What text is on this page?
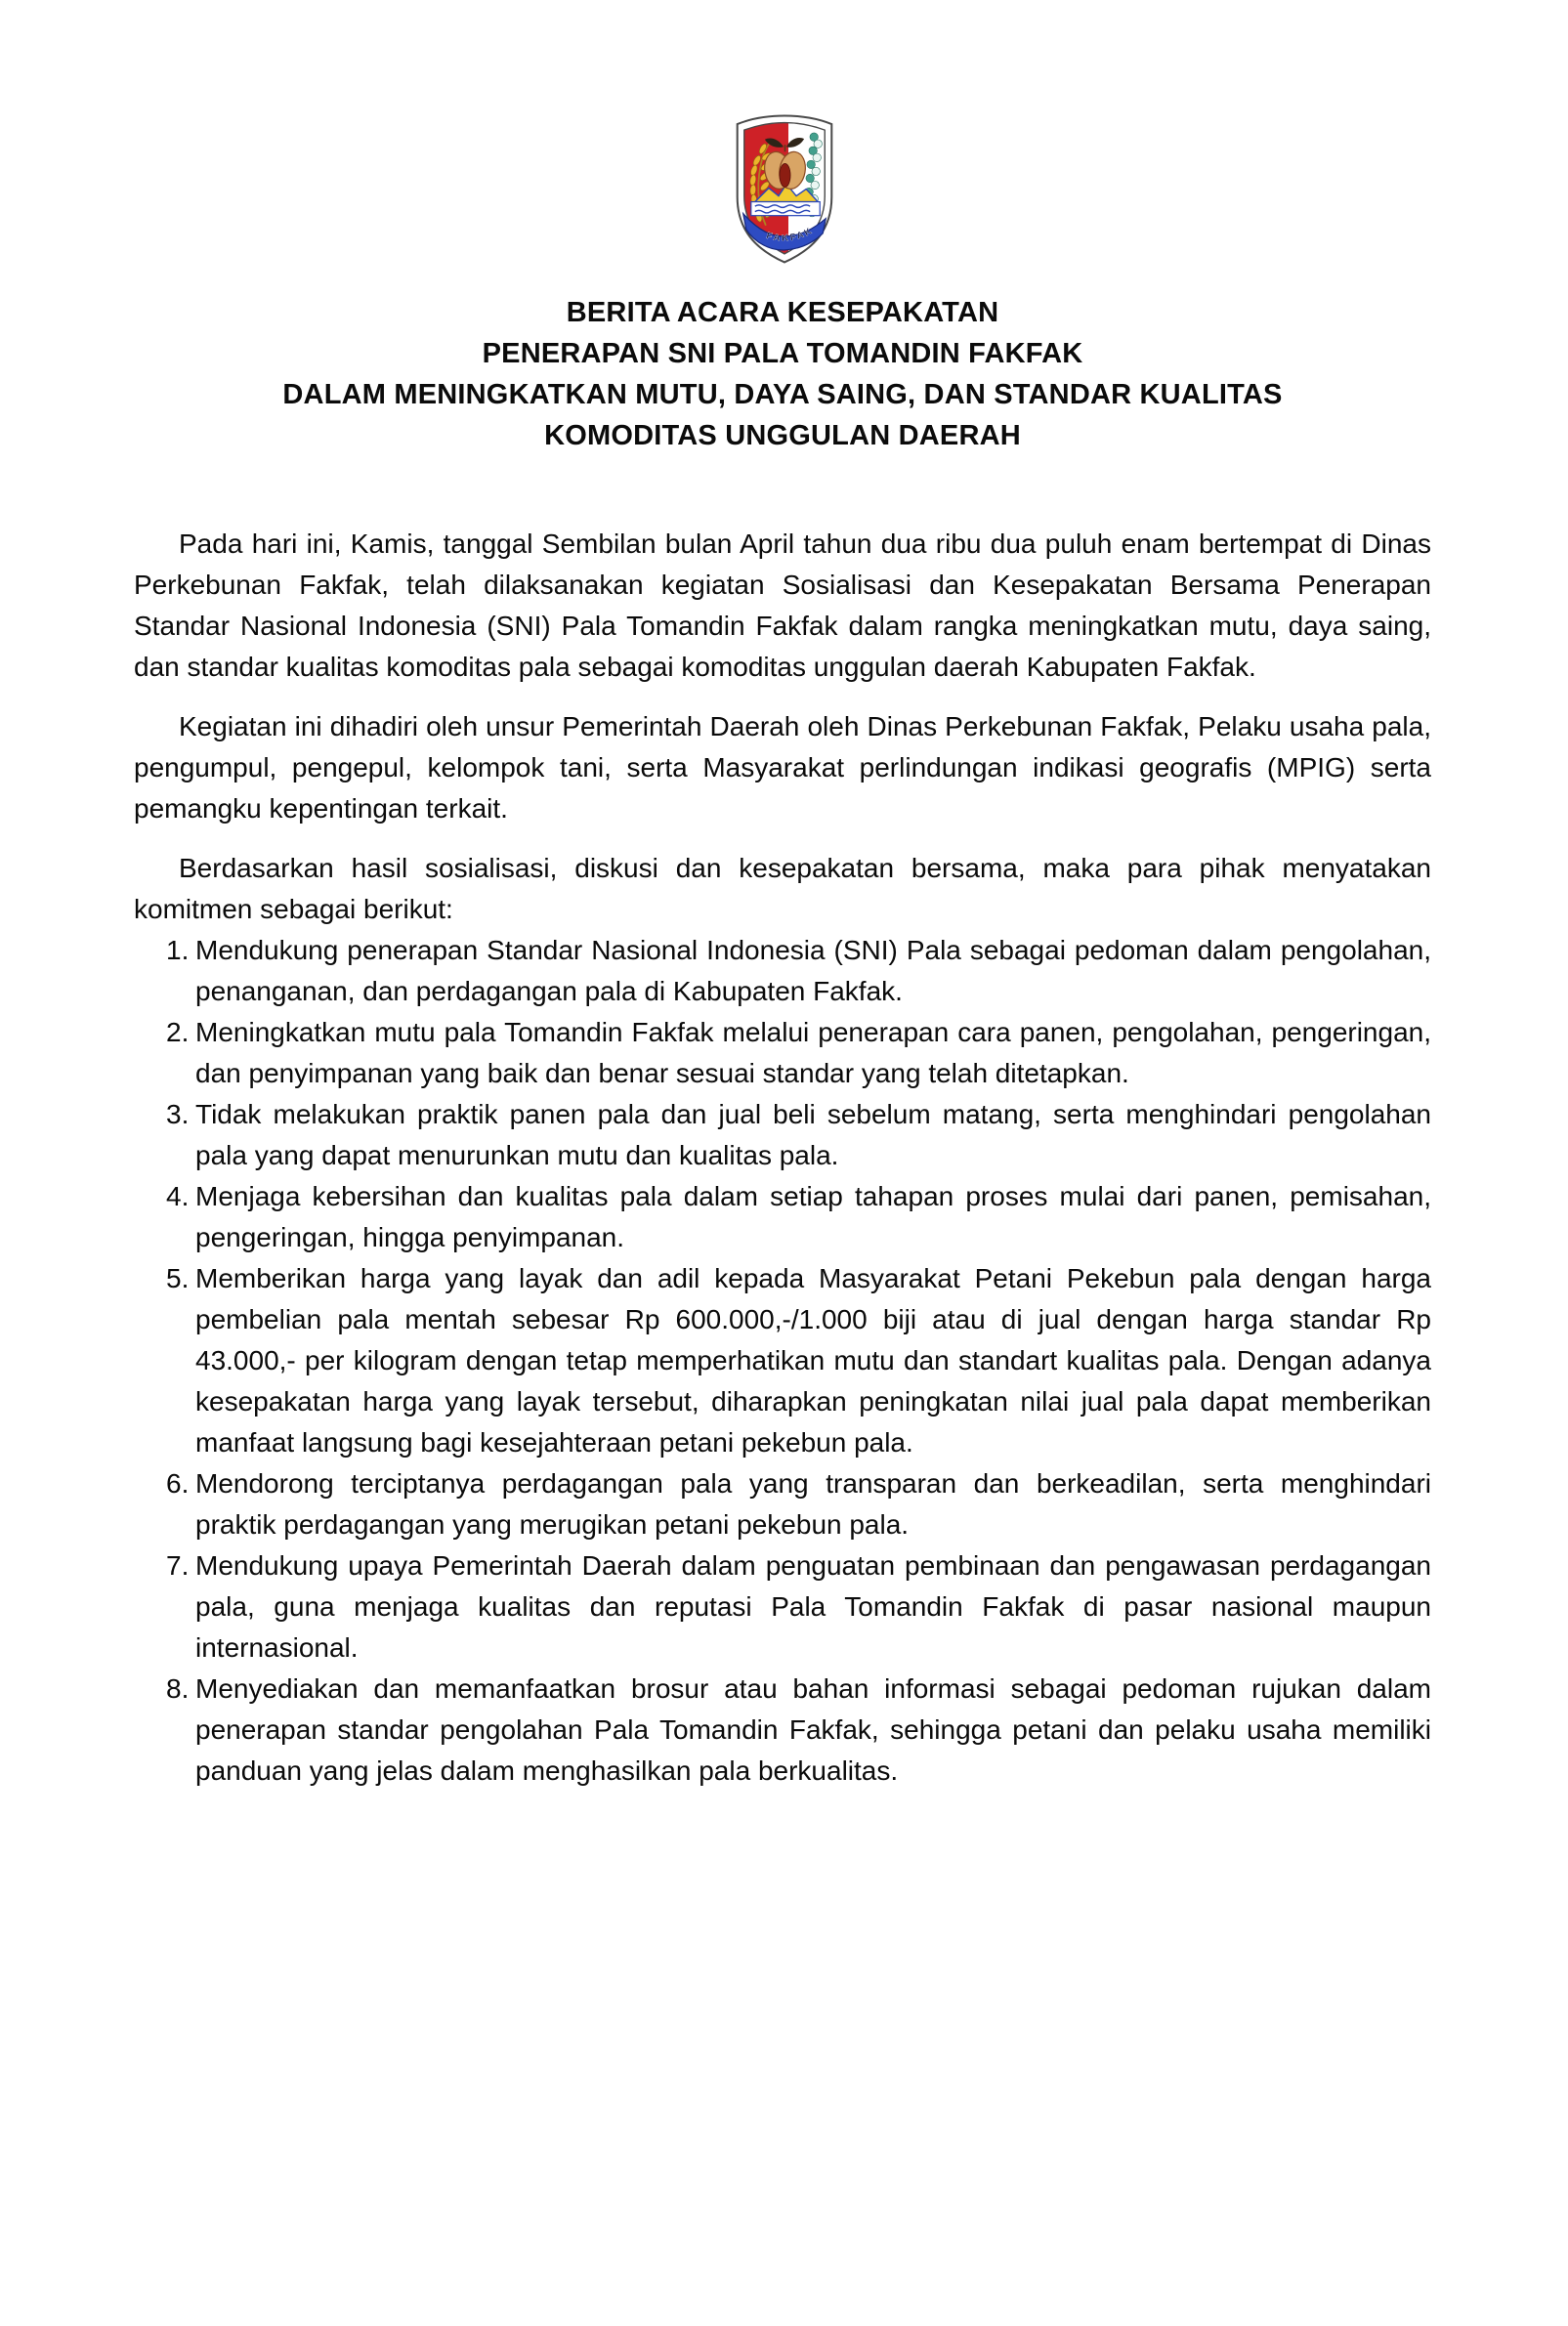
FAKFAK
BERITA ACARA KESEPAKATAN
PENERAPAN SNI PALA TOMANDIN FAKFAK
DALAM MENINGKATKAN MUTU, DAYA SAING, DAN STANDAR KUALITAS
KOMODITAS UNGGULAN DAERAH

Pada hari ini, Kamis, tanggal Sembilan bulan April tahun dua ribu dua puluh enam bertempat di Dinas Perkebunan Fakfak, telah dilaksanakan kegiatan Sosialisasi dan Kesepakatan Bersama Penerapan Standar Nasional Indonesia (SNI) Pala Tomandin Fakfak dalam rangka meningkatkan mutu, daya saing, dan standar kualitas komoditas pala sebagai komoditas unggulan daerah Kabupaten Fakfak.

Kegiatan ini dihadiri oleh unsur Pemerintah Daerah oleh Dinas Perkebunan Fakfak, Pelaku usaha pala, pengumpul, pengepul, kelompok tani, serta Masyarakat perlindungan indikasi geografis (MPIG) serta pemangku kepentingan terkait.

Berdasarkan hasil sosialisasi, diskusi dan kesepakatan bersama, maka para pihak menyatakan komitmen sebagai berikut:

1. Mendukung penerapan Standar Nasional Indonesia (SNI) Pala sebagai pedoman dalam pengolahan, penanganan, dan perdagangan pala di Kabupaten Fakfak.
2. Meningkatkan mutu pala Tomandin Fakfak melalui penerapan cara panen, pengolahan, pengeringan, dan penyimpanan yang baik dan benar sesuai standar yang telah ditetapkan.
3. Tidak melakukan praktik panen pala dan jual beli sebelum matang, serta menghindari pengolahan pala yang dapat menurunkan mutu dan kualitas pala.
4. Menjaga kebersihan dan kualitas pala dalam setiap tahapan proses mulai dari panen, pemisahan, pengeringan, hingga penyimpanan.
5. Memberikan harga yang layak dan adil kepada Masyarakat Petani Pekebun pala dengan harga pembelian pala mentah sebesar Rp 600.000,-/1.000 biji atau di jual dengan harga standar Rp 43.000,- per kilogram dengan tetap memperhatikan mutu dan standart kualitas pala. Dengan adanya kesepakatan harga yang layak tersebut, diharapkan peningkatan nilai jual pala dapat memberikan manfaat langsung bagi kesejahteraan petani pekebun pala.
6. Mendorong terciptanya perdagangan pala yang transparan dan berkeadilan, serta menghindari praktik perdagangan yang merugikan petani pekebun pala.
7. Mendukung upaya Pemerintah Daerah dalam penguatan pembinaan dan pengawasan perdagangan pala, guna menjaga kualitas dan reputasi Pala Tomandin Fakfak di pasar nasional maupun internasional.
8. Menyediakan dan memanfaatkan brosur atau bahan informasi sebagai pedoman rujukan dalam penerapan standar pengolahan Pala Tomandin Fakfak, sehingga petani dan pelaku usaha memiliki panduan yang jelas dalam menghasilkan pala berkualitas.
